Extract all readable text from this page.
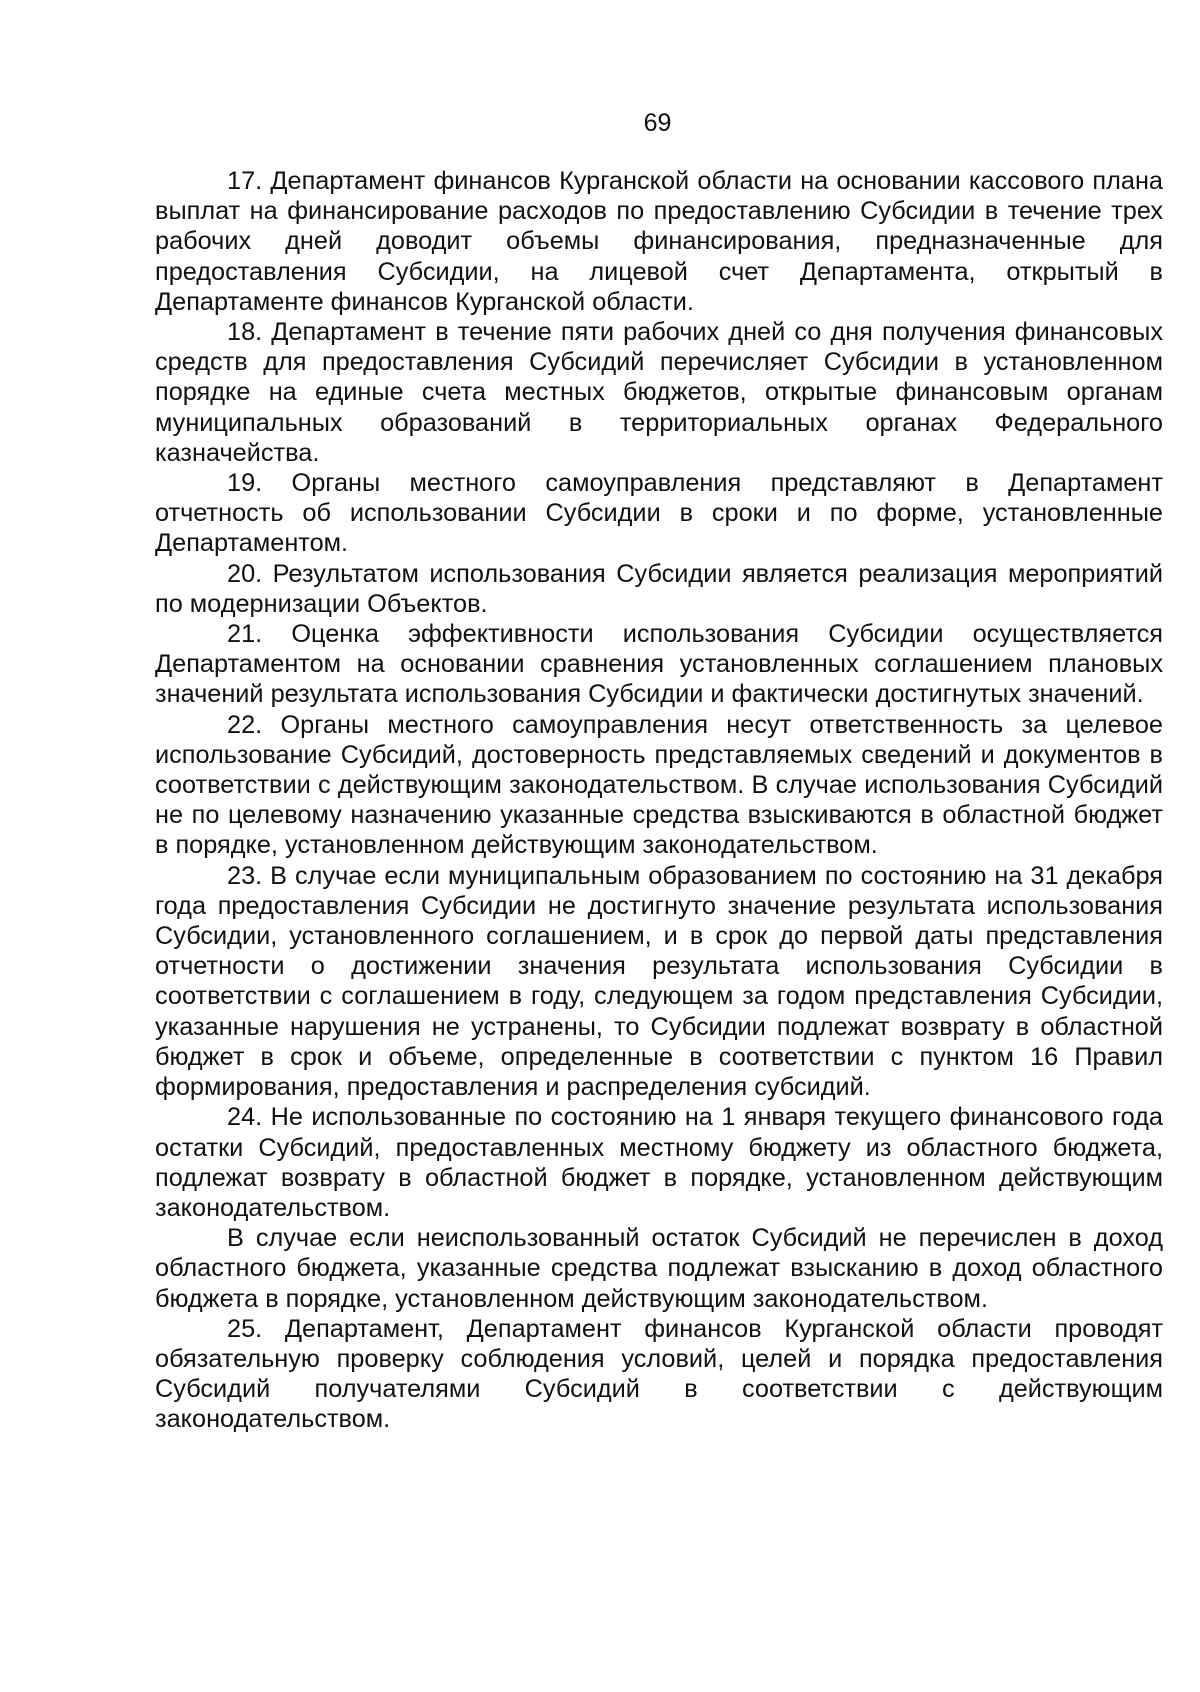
69

17. Департамент финансов Курганской области на основании кассового плана выплат на финансирование расходов по предоставлению Субсидии в течение трех рабочих дней доводит объемы финансирования, предназначенные для предоставления Субсидии, на лицевой счет Департамента, открытый в Департаменте финансов Курганской области.

18. Департамент в течение пяти рабочих дней со дня получения финансовых средств для предоставления Субсидий перечисляет Субсидии в установленном порядке на единые счета местных бюджетов, открытые финансовым органам муниципальных образований в территориальных органах Федерального казначейства.

19. Органы местного самоуправления представляют в Департамент отчетность об использовании Субсидии в сроки и по форме, установленные Департаментом.

20. Результатом использования Субсидии является реализация мероприятий по модернизации Объектов.

21. Оценка эффективности использования Субсидии осуществляется Департаментом на основании сравнения установленных соглашением плановых значений результата использования Субсидии и фактически достигнутых значений.

22. Органы местного самоуправления несут ответственность за целевое использование Субсидий, достоверность представляемых сведений и документов в соответствии с действующим законодательством. В случае использования Субсидий не по целевому назначению указанные средства взыскиваются в областной бюджет в порядке, установленном действующим законодательством.

23. В случае если муниципальным образованием по состоянию на 31 декабря года предоставления Субсидии не достигнуто значение результата использования Субсидии, установленного соглашением, и в срок до первой даты представления отчетности о достижении значения результата использования Субсидии в соответствии с соглашением в году, следующем за годом представления Субсидии, указанные нарушения не устранены, то Субсидии подлежат возврату в областной бюджет в срок и объеме, определенные в соответствии с пунктом 16 Правил формирования, предоставления и распределения субсидий.

24. Не использованные по состоянию на 1 января текущего финансового года остатки Субсидий, предоставленных местному бюджету из областного бюджета, подлежат возврату в областной бюджет в порядке, установленном действующим законодательством.

В случае если неиспользованный остаток Субсидий не перечислен в доход областного бюджета, указанные средства подлежат взысканию в доход областного бюджета в порядке, установленном действующим законодательством.

25. Департамент, Департамент финансов Курганской области проводят обязательную проверку соблюдения условий, целей и порядка предоставления Субсидий получателями Субсидий в соответствии с действующим законодательством.
